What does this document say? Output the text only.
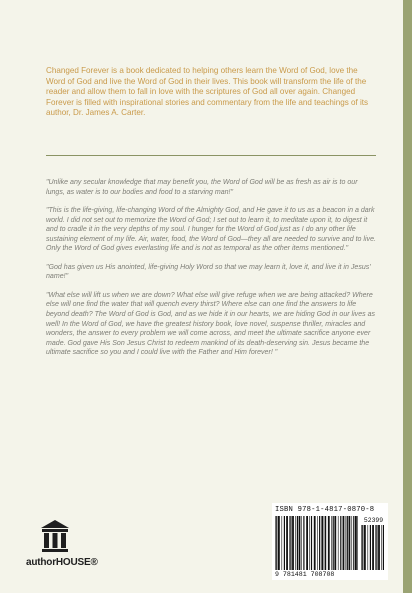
Changed Forever is a book dedicated to helping others learn the Word of God, love the Word of God and live the Word of God in their lives. This book will transform the life of the reader and allow them to fall in love with the scriptures of God all over again. Changed Forever is filled with inspirational stories and commentary from the life and teachings of its author, Dr. James A. Carter.

"Unlike any secular knowledge that may benefit you, the Word of God will be as fresh as air is to our lungs, as water is to our bodies and food to a starving man!"

"This is the life-giving, life-changing Word of the Almighty God, and He gave it to us as a beacon in a dark world. I did not set out to memorize the Word of God; I set out to learn it, to meditate upon it, to digest it and to cradle it in the very depths of my soul. I hunger for the Word of God just as I do any other life sustaining element of my life. Air, water, food, the Word of God—they all are needed to survive and to live. Only the Word of God gives everlasting life and is not as temporal as the other items mentioned."

"God has given us His anointed, life-giving Holy Word so that we may learn it, love it, and live it in Jesus' name!"

"What else will lift us when we are down? What else will give refuge when we are being attacked? Where else will one find the water that will quench every thirst? Where else can one find the answers to life beyond death? The Word of God is God, and as we hide it in our hearts, we are hiding God in our lives as well! In the Word of God, we have the greatest history book, love novel, suspense thriller, miracles and wonders, the answer to every problem we will come across, and meet the ultimate sacrifice anyone ever made. God gave His Son Jesus Christ to redeem mankind of its death-deserving sin. Jesus became the ultimate sacrifice so you and I could live with the Father and Him forever! "

authorHOUSE®
ISBN 978-1-4817-0870-8
52399
9 781481 708708
